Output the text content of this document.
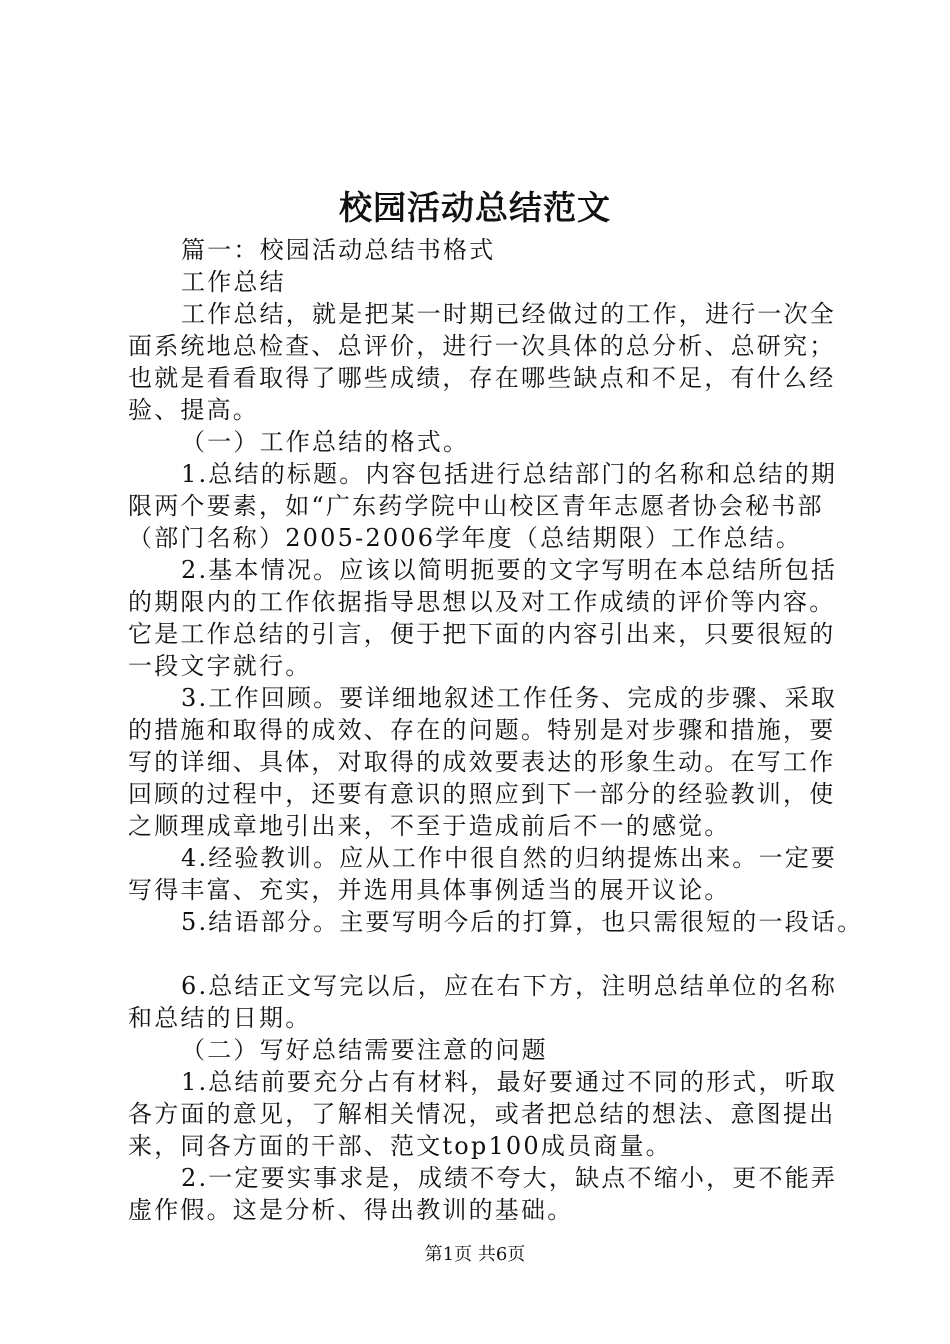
校园活动总结范文
篇一：校园活动总结书格式
工作总结
工作总结，就是把某一时期已经做过的工作，进行一次全
面系统地总检查、总评价，进行一次具体的总分析、总研究；
也就是看看取得了哪些成绩，存在哪些缺点和不足，有什么经
验、提高。
（一）工作总结的格式。
1.总结的标题。内容包括进行总结部门的名称和总结的期
限两个要素，如“广东药学院中山校区青年志愿者协会秘书部
（部门名称）2005-2006学年度（总结期限）工作总结。
2.基本情况。应该以简明扼要的文字写明在本总结所包括
的期限内的工作依据指导思想以及对工作成绩的评价等内容。
它是工作总结的引言，便于把下面的内容引出来，只要很短的
一段文字就行。
3.工作回顾。要详细地叙述工作任务、完成的步骤、采取
的措施和取得的成效、存在的问题。特别是对步骤和措施，要
写的详细、具体，对取得的成效要表达的形象生动。在写工作
回顾的过程中，还要有意识的照应到下一部分的经验教训，使
之顺理成章地引出来，不至于造成前后不一的感觉。
4.经验教训。应从工作中很自然的归纳提炼出来。一定要
写得丰富、充实，并选用具体事例适当的展开议论。
5.结语部分。主要写明今后的打算，也只需很短的一段话。
6.总结正文写完以后，应在右下方，注明总结单位的名称
和总结的日期。
（二）写好总结需要注意的问题
1.总结前要充分占有材料，最好要通过不同的形式，听取
各方面的意见，了解相关情况，或者把总结的想法、意图提出
来，同各方面的干部、范文top100成员商量。
2.一定要实事求是，成绩不夸大，缺点不缩小，更不能弄
虚作假。这是分析、得出教训的基础。
第1页 共6页
